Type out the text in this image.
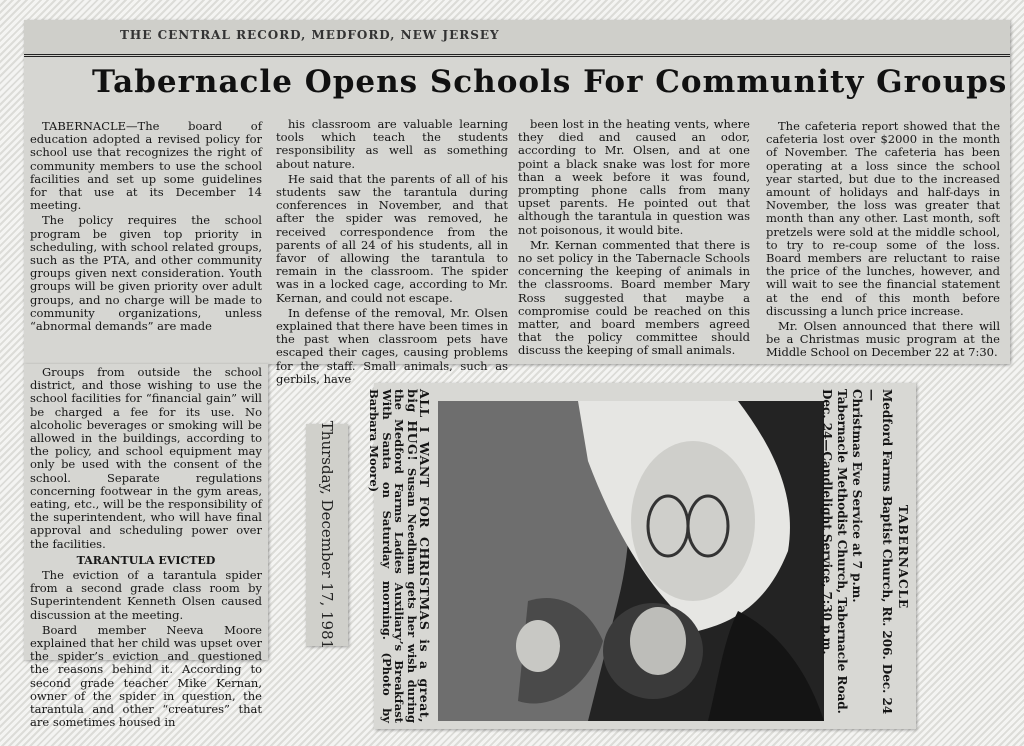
THE CENTRAL RECORD, MEDFORD, NEW JERSEY
Tabernacle Opens Schools For Community Groups

TABERNACLE—The board of education adopted a revised policy for school use that recognizes the right of community members to use the school facilities and set up some guidelines for that use at its December 14 meeting.

The policy requires the school program be given top priority in scheduling, with school related groups, such as the PTA, and other community groups given next consideration. Youth groups will be given priority over adult groups, and no charge will be made to community organizations, unless “abnormal demands” are made

his classroom are valuable learning tools which teach the students responsibility as well as something about nature.

He said that the parents of all of his students saw the tarantula during conferences in November, and that after the spider was removed, he received correspondence from the parents of all 24 of his students, all in favor of allowing the tarantula to remain in the classroom. The spider was in a locked cage, according to Mr. Kernan, and could not escape.

In defense of the removal, Mr. Olsen explained that there have been times in the past when classroom pets have escaped their cages, causing problems for the staff. Small animals, such as gerbils, have

been lost in the heating vents, where they died and caused an odor, according to Mr. Olsen, and at one point a black snake was lost for more than a week before it was found, prompting phone calls from many upset parents. He pointed out that although the tarantula in question was not poisonous, it would bite.

Mr. Kernan commented that there is no set policy in the Tabernacle Schools concerning the keeping of animals in the classrooms. Board member Mary Ross suggested that maybe a compromise could be reached on this matter, and board members agreed that the policy committee should discuss the keeping of small animals.

The cafeteria report showed that the cafeteria lost over $2000 in the month of November. The cafeteria has been operating at a loss since the school year started, but due to the increased amount of holidays and half-days in November, the loss was greater that month than any other. Last month, soft pretzels were sold at the middle school, to try to re-coup some of the loss. Board members are reluctant to raise the price of the lunches, however, and will wait to see the financial statement at the end of this month before discussing a lunch price increase.

Mr. Olsen announced that there will be a Christmas music program at the Middle School on December 22 at 7:30.

Groups from outside the school district, and those wishing to use the school facilities for “financial gain” will be charged a fee for its use. No alcoholic beverages or smoking will be allowed in the buildings, according to the policy, and school equipment may only be used with the consent of the school. Separate regulations concerning footwear in the gym areas, eating, etc., will be the responsibility of the superintendent, who will have final approval and scheduling power over the facilities.

TARANTULA EVICTED

The eviction of a tarantula spider from a second grade class room by Superintendent Kenneth Olsen caused discussion at the meeting.

Board member Neeva Moore explained that her child was upset over the spider’s eviction and questioned the reasons behind it. According to second grade teacher Mike Kernan, owner of the spider in question, the tarantula and other “creatures” that are sometimes housed in

Thursday, December 17, 1981	ALL I WANT FOR CHRISTMAS is a great, big HUG! Susan Needham gets her wish during the Medford Farms Ladies Auxiliary’s Breakfast With Santa on Saturday morning. (Photo by Barbara Moore)
TABERNACLE
Medford Farms Baptist Church, Rt. 206. Dec. 24—
Christmas Eve Service at 7 p.m.
Tabernacle Methodist Church, Tabernacle Road.
Dec. 24—Candlelight Service, 7:30 p.m.
